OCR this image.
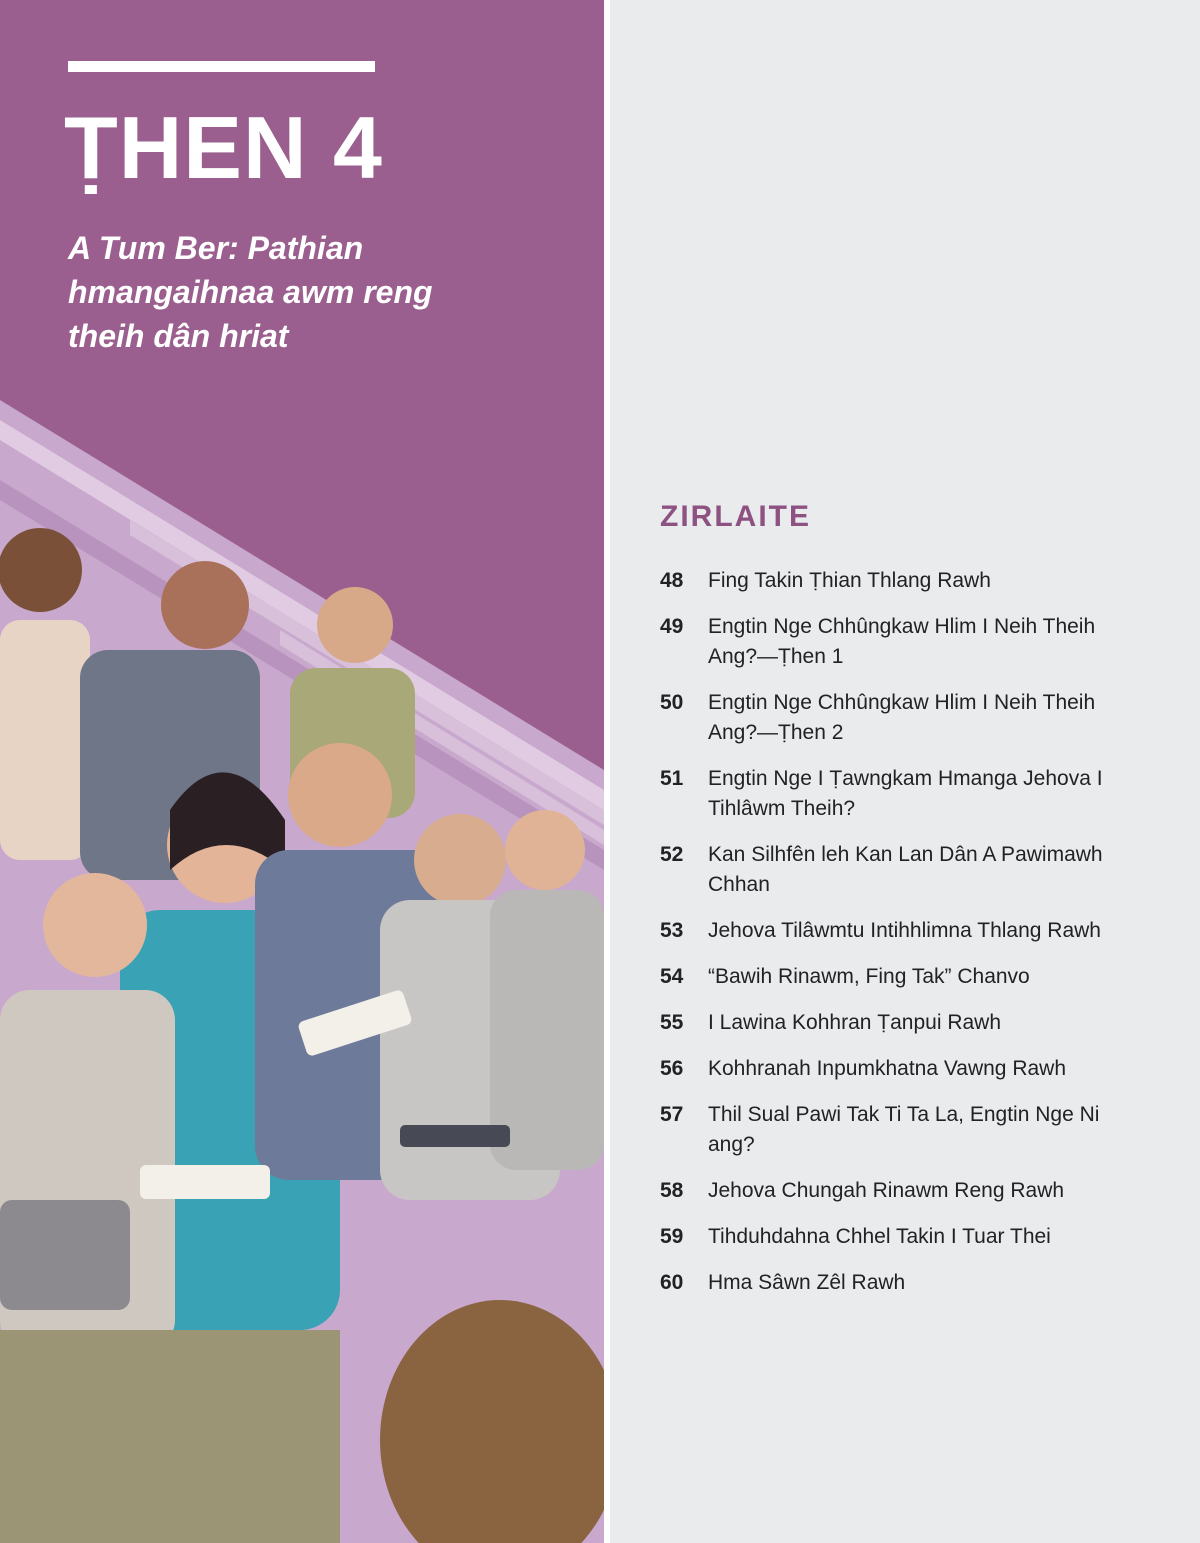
ṬHEN 4

A Tum Ber: Pathian hmangaihnaa awm reng theih dân hriat

ZIRLAITE
48	Fing Takin Ṭhian Thlang Rawh
49	Engtin Nge Chhûngkaw Hlim I Neih Theih Ang?—Ṭhen 1
50	Engtin Nge Chhûngkaw Hlim I Neih Theih Ang?—Ṭhen 2
51	Engtin Nge I Ṭawngkam Hmanga Jehova I Tihlâwm Theih?
52	Kan Silhfên leh Kan Lan Dân A Pawimawh Chhan
53	Jehova Tilâwmtu Intihhlimna Thlang Rawh
54	“Bawih Rinawm, Fing Tak” Chanvo
55	I Lawina Kohhran Ṭanpui Rawh
56	Kohhranah Inpumkhatna Vawng Rawh
57	Thil Sual Pawi Tak Ti Ta La, Engtin Nge Ni ang?
58	Jehova Chungah Rinawm Reng Rawh
59	Tihduhdahna Chhel Takin I Tuar Thei
60	Hma Sâwn Zêl Rawh
